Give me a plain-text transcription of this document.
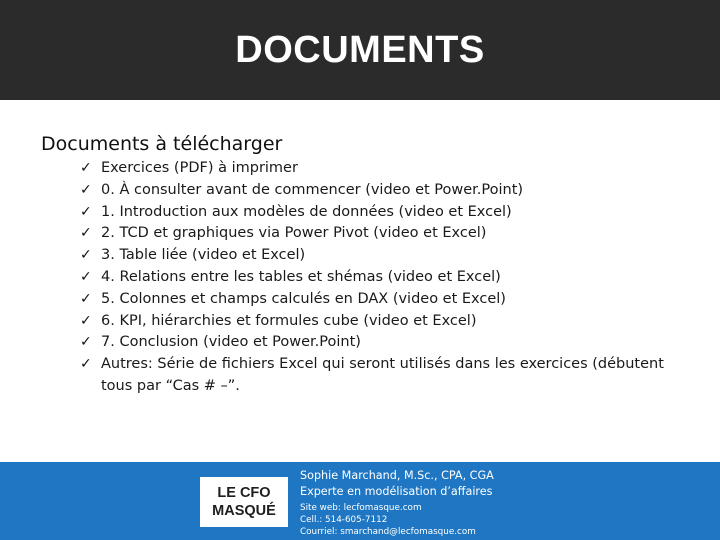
DOCUMENTS
Documents à télécharger
✓ Exercices (PDF) à imprimer
✓ 0. À consulter avant de commencer (video et Power.Point)
✓ 1. Introduction aux modèles de données (video et Excel)
✓ 2. TCD et graphiques via Power Pivot (video et Excel)
✓ 3. Table liée (video et Excel)
✓ 4. Relations entre les tables et shémas (video et Excel)
✓ 5. Colonnes et champs calculés en DAX (video et Excel)
✓ 6. KPI, hiérarchies et formules cube (video et Excel)
✓ 7. Conclusion (video et Power.Point)
✓ Autres: Série de fichiers Excel qui seront utilisés dans les exercices (débutent tous par “Cas # –”.
LE CFO
MASQUÉ
Sophie Marchand, M.Sc., CPA, CGA
Experte en modélisation d’affaires
Site web: lecfomasque.com
Cell.: 514-605-7112
Courriel: smarchand@lecfomasque.com
